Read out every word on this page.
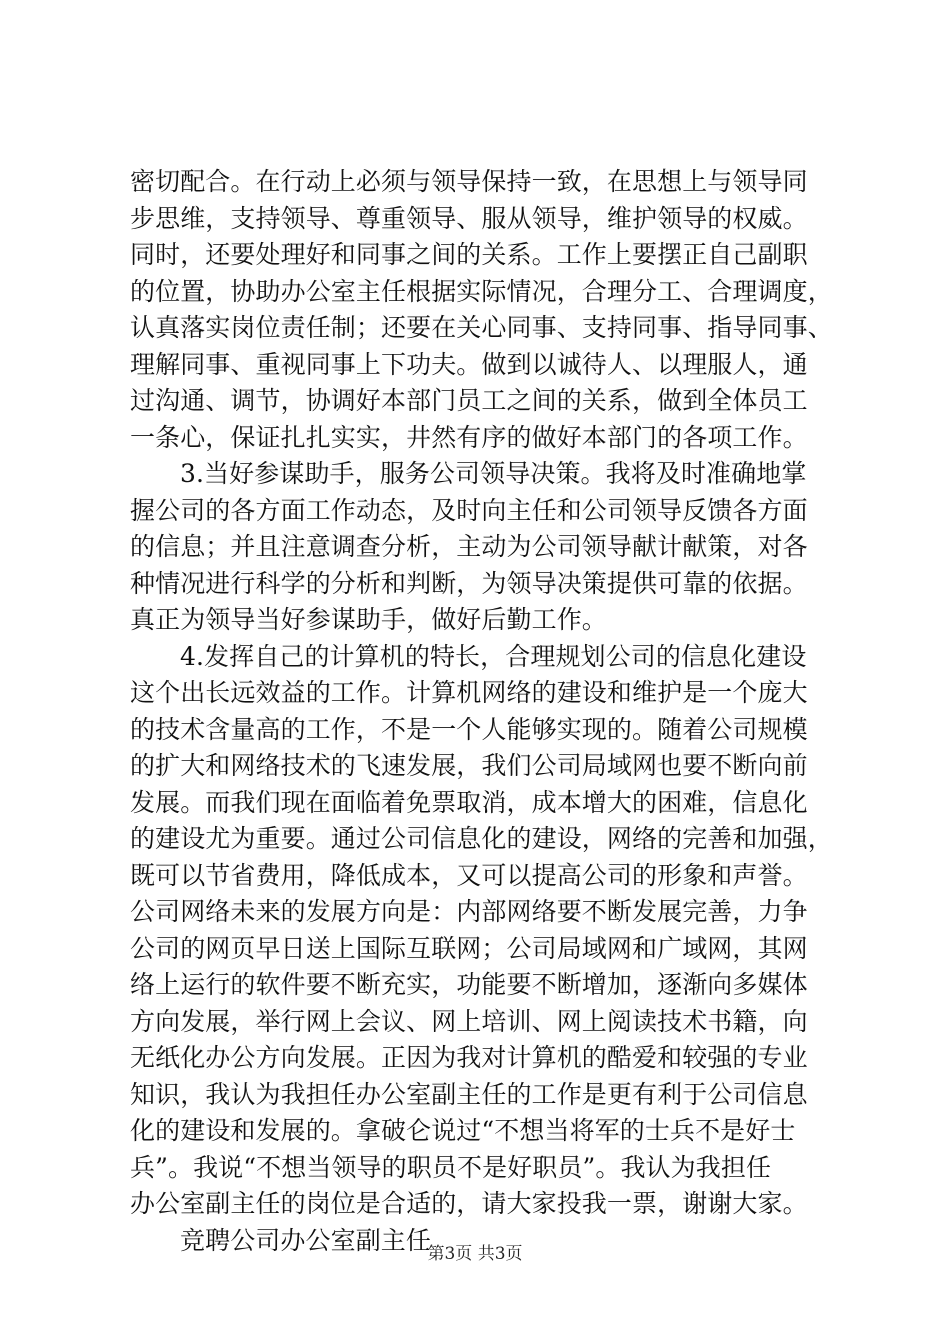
密切配合。在行动上必须与领导保持一致，在思想上与领导同
步思维，支持领导、尊重领导、服从领导，维护领导的权威。
同时，还要处理好和同事之间的关系。工作上要摆正自己副职
的位置，协助办公室主任根据实际情况，合理分工、合理调度，
认真落实岗位责任制；还要在关心同事、支持同事、指导同事、
理解同事、重视同事上下功夫。做到以诚待人、以理服人，通
过沟通、调节，协调好本部门员工之间的关系，做到全体员工
一条心，保证扎扎实实，井然有序的做好本部门的各项工作。
3.当好参谋助手，服务公司领导决策。我将及时准确地掌
握公司的各方面工作动态，及时向主任和公司领导反馈各方面
的信息；并且注意调查分析，主动为公司领导献计献策，对各
种情况进行科学的分析和判断，为领导决策提供可靠的依据。
真正为领导当好参谋助手，做好后勤工作。
4.发挥自己的计算机的特长，合理规划公司的信息化建设
这个出长远效益的工作。计算机网络的建设和维护是一个庞大
的技术含量高的工作，不是一个人能够实现的。随着公司规模
的扩大和网络技术的飞速发展，我们公司局域网也要不断向前
发展。而我们现在面临着免票取消，成本增大的困难，信息化
的建设尤为重要。通过公司信息化的建设，网络的完善和加强，
既可以节省费用，降低成本，又可以提高公司的形象和声誉。
公司网络未来的发展方向是：内部网络要不断发展完善，力争
公司的网页早日送上国际互联网；公司局域网和广域网，其网
络上运行的软件要不断充实，功能要不断增加，逐渐向多媒体
方向发展，举行网上会议、网上培训、网上阅读技术书籍，向
无纸化办公方向发展。正因为我对计算机的酷爱和较强的专业
知识，我认为我担任办公室副主任的工作是更有利于公司信息
化的建设和发展的。拿破仑说过“不想当将军的士兵不是好士
兵”。我说“不想当领导的职员不是好职员”。我认为我担任
办公室副主任的岗位是合适的，请大家投我一票，谢谢大家。
竞聘公司办公室副主任
第3页 共3页
